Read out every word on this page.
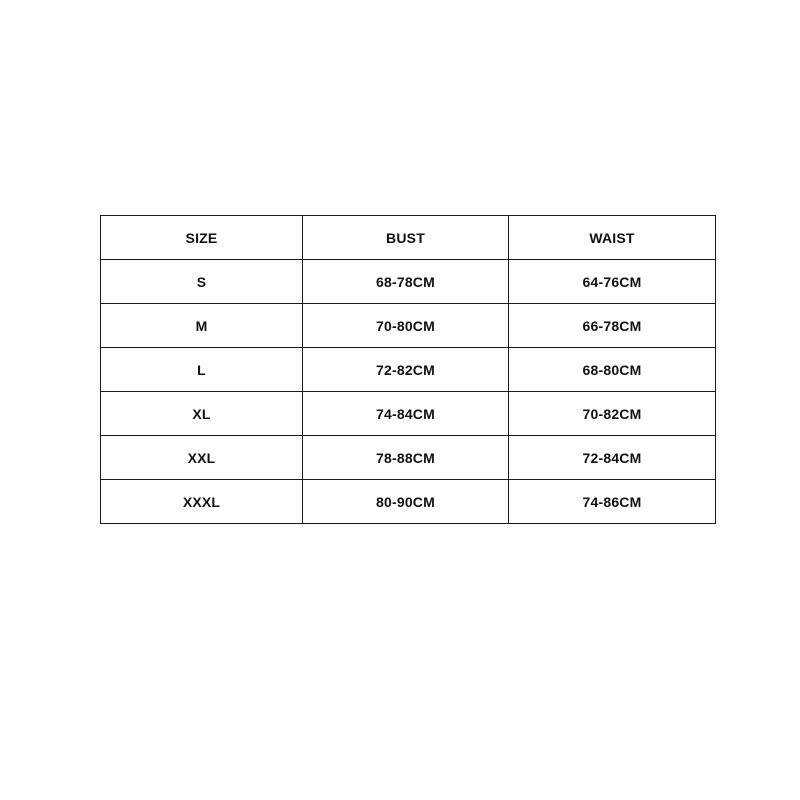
SIZE	BUST	WAIST
S	68-78CM	64-76CM
M	70-80CM	66-78CM
L	72-82CM	68-80CM
XL	74-84CM	70-82CM
XXL	78-88CM	72-84CM
XXXL	80-90CM	74-86CM
